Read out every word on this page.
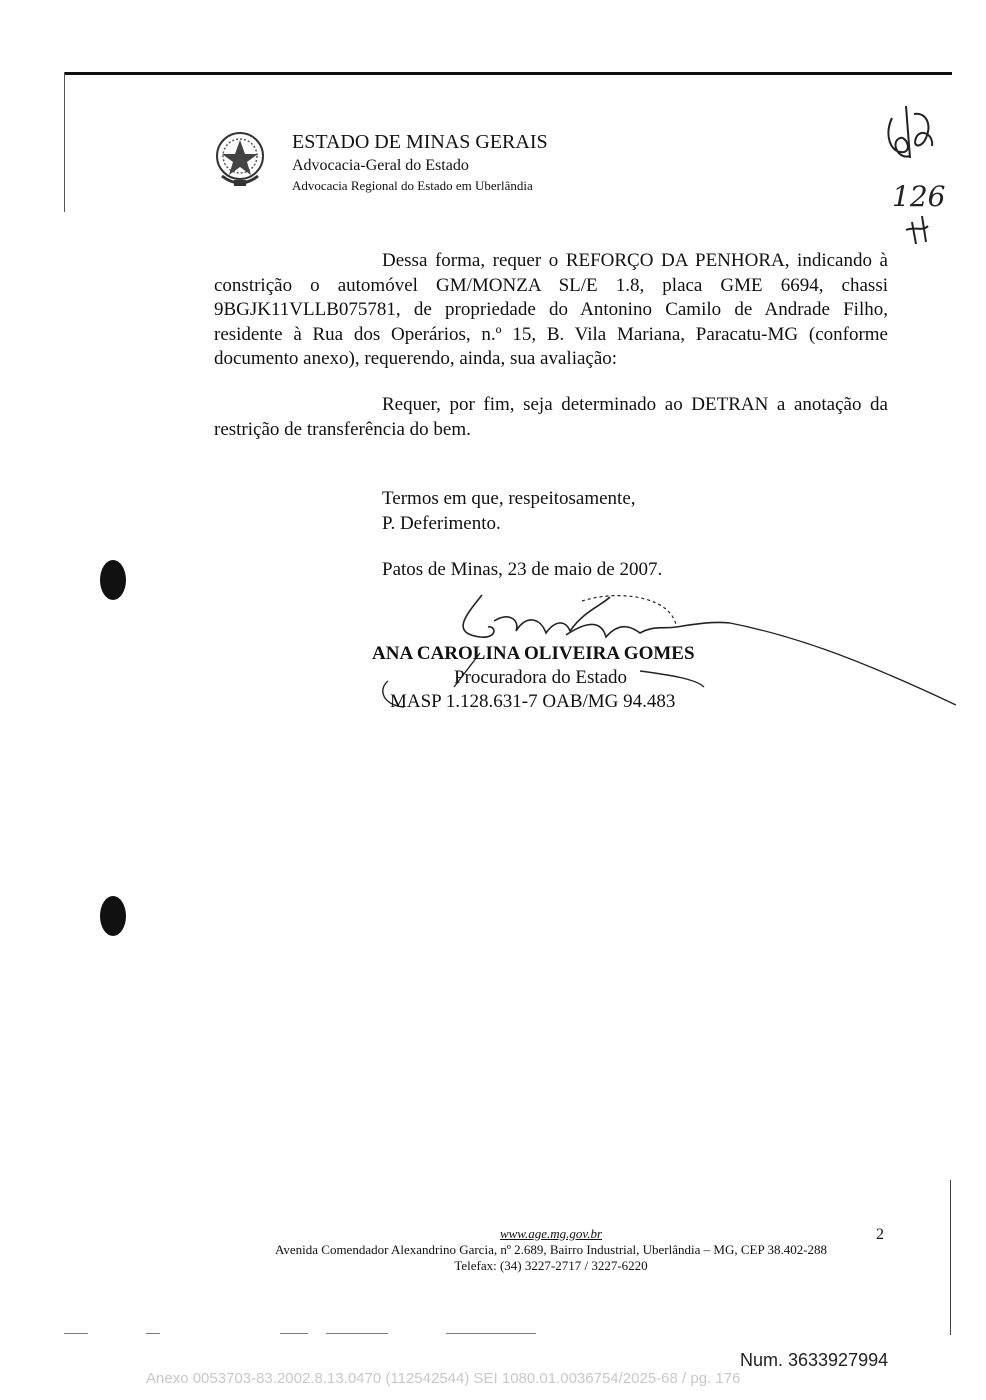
ESTADO DE MINAS GERAIS
Advocacia-Geral do Estado
Advocacia Regional do Estado em Uberlândia	126
Dessa forma, requer o REFORÇO DA PENHORA, indicando à constrição o automóvel GM/MONZA SL/E 1.8, placa GME 6694, chassi 9BGJK11VLLB075781, de propriedade do Antonino Camilo de Andrade Filho, residente à Rua dos Operários, n.º 15, B. Vila Mariana, Paracatu-MG (conforme documento anexo), requerendo, ainda, sua avaliação:
Requer, por fim, seja determinado ao DETRAN a anotação da restrição de transferência do bem.
Termos em que, respeitosamente,
P. Deferimento.
Patos de Minas, 23 de maio de 2007.
ANA CAROLINA OLIVEIRA GOMES
Procuradora do Estado
MASP 1.128.631-7 OAB/MG 94.483
www.age.mg.gov.br
Avenida Comendador Alexandrino Garcia, nº 2.689, Bairro Industrial, Uberlândia – MG, CEP 38.402-288
Telefax: (34) 3227-2717 / 3227-6220
2
Num. 3633927994
Anexo 0053703-83.2002.8.13.0470 (112542544) SEI 1080.01.0036754/2025-68 / pg. 176
